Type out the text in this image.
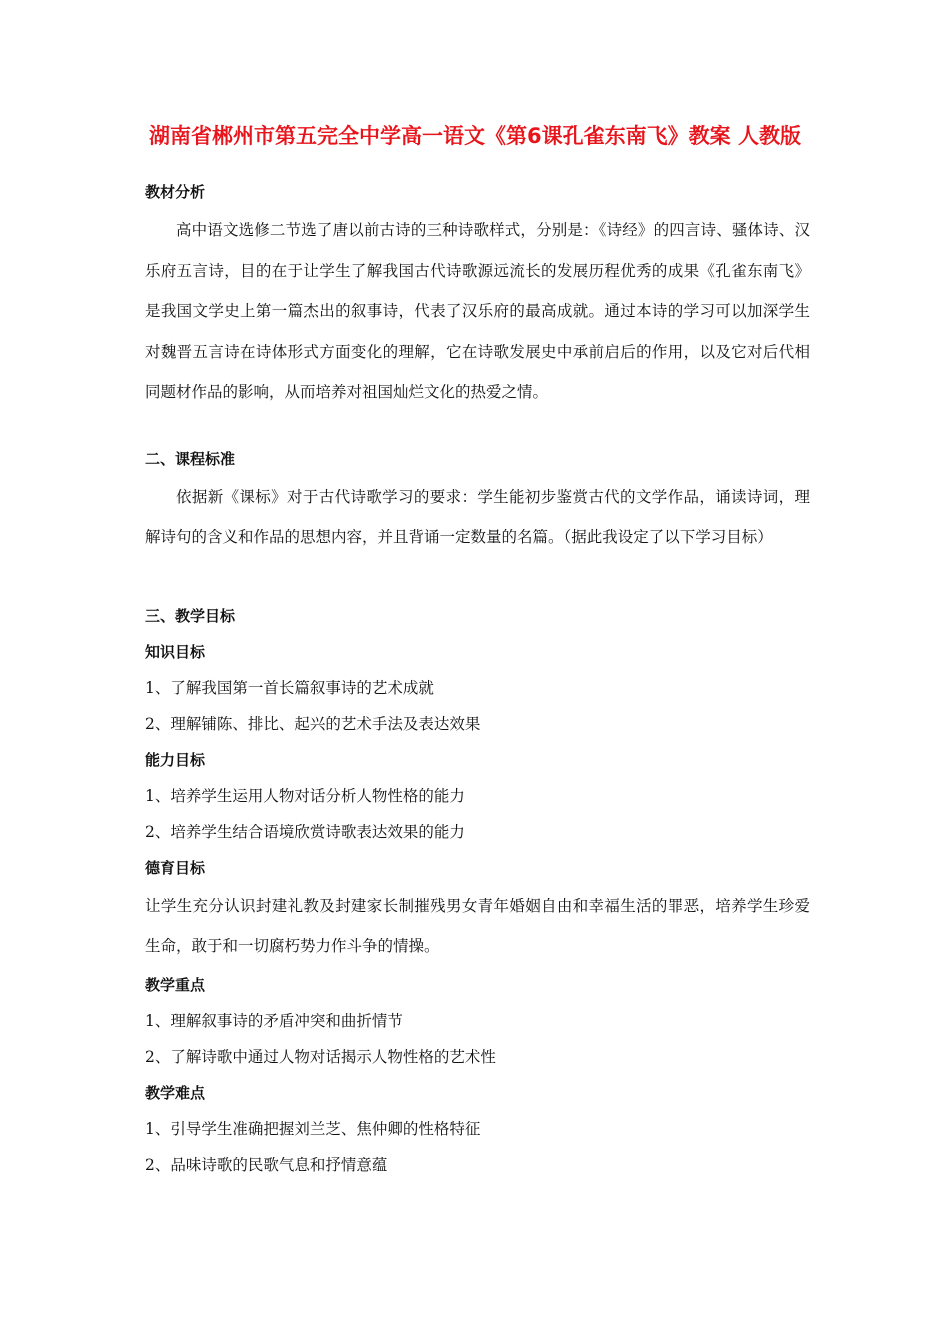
湖南省郴州市第五完全中学高一语文《第6课孔雀东南飞》教案 人教版
教材分析
高中语文选修二节选了唐以前古诗的三种诗歌样式，分别是：《诗经》的四言诗、骚体诗、汉乐府五言诗，目的在于让学生了解我国古代诗歌源远流长的发展历程优秀的成果《孔雀东南飞》是我国文学史上第一篇杰出的叙事诗，代表了汉乐府的最高成就。通过本诗的学习可以加深学生对魏晋五言诗在诗体形式方面变化的理解，它在诗歌发展史中承前启后的作用，以及它对后代相同题材作品的影响，从而培养对祖国灿烂文化的热爱之情。
二、课程标准
依据新《课标》对于古代诗歌学习的要求：学生能初步鉴赏古代的文学作品，诵读诗词，理解诗句的含义和作品的思想内容，并且背诵一定数量的名篇。（据此我设定了以下学习目标）
三、教学目标
知识目标
1、了解我国第一首长篇叙事诗的艺术成就
2、理解铺陈、排比、起兴的艺术手法及表达效果
能力目标
1、培养学生运用人物对话分析人物性格的能力
2、培养学生结合语境欣赏诗歌表达效果的能力
德育目标
让学生充分认识封建礼教及封建家长制摧残男女青年婚姻自由和幸福生活的罪恶，培养学生珍爱生命，敢于和一切腐朽势力作斗争的情操。
教学重点
1、理解叙事诗的矛盾冲突和曲折情节
2、了解诗歌中通过人物对话揭示人物性格的艺术性
教学难点
1、引导学生准确把握刘兰芝、焦仲卿的性格特征
2、品味诗歌的民歌气息和抒情意蕴
